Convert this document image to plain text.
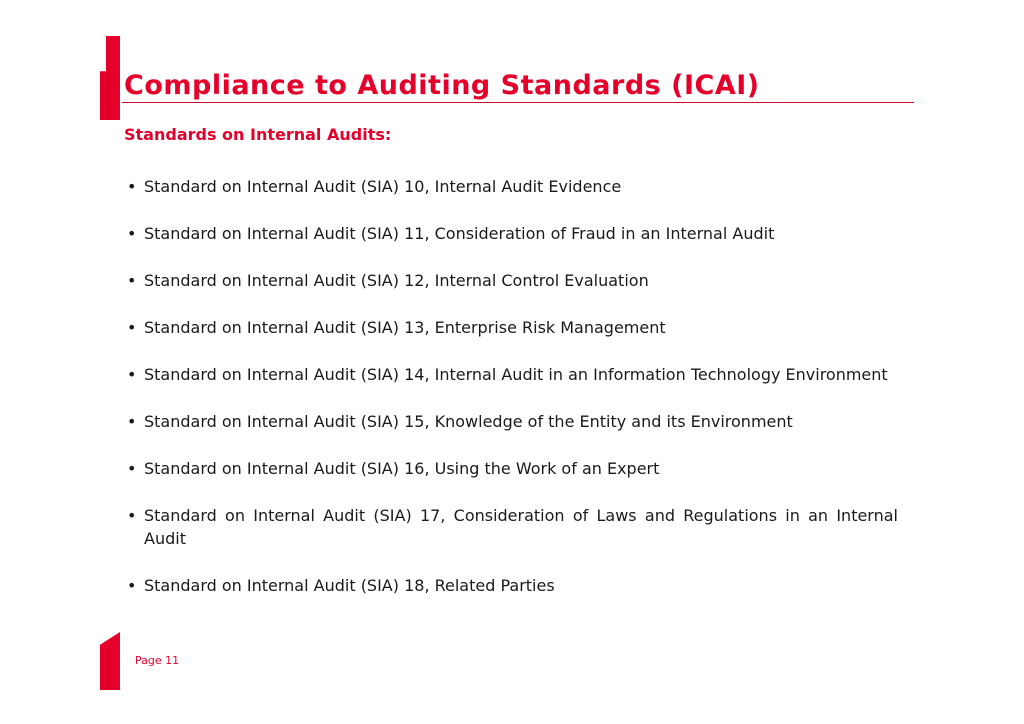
Compliance to Auditing Standards (ICAI)
Standards on Internal Audits:
• Standard on Internal Audit (SIA) 10, Internal Audit Evidence
• Standard on Internal Audit (SIA) 11, Consideration of Fraud in an Internal Audit
• Standard on Internal Audit (SIA) 12, Internal Control Evaluation
• Standard on Internal Audit (SIA) 13, Enterprise Risk Management
• Standard on Internal Audit (SIA) 14, Internal Audit in an Information Technology Environment
• Standard on Internal Audit (SIA) 15, Knowledge of the Entity and its Environment
• Standard on Internal Audit (SIA) 16, Using the Work of an Expert
• Standard on Internal Audit (SIA) 17, Consideration of Laws and Regulations in an Internal Audit
• Standard on Internal Audit (SIA) 18, Related Parties
Page 11
